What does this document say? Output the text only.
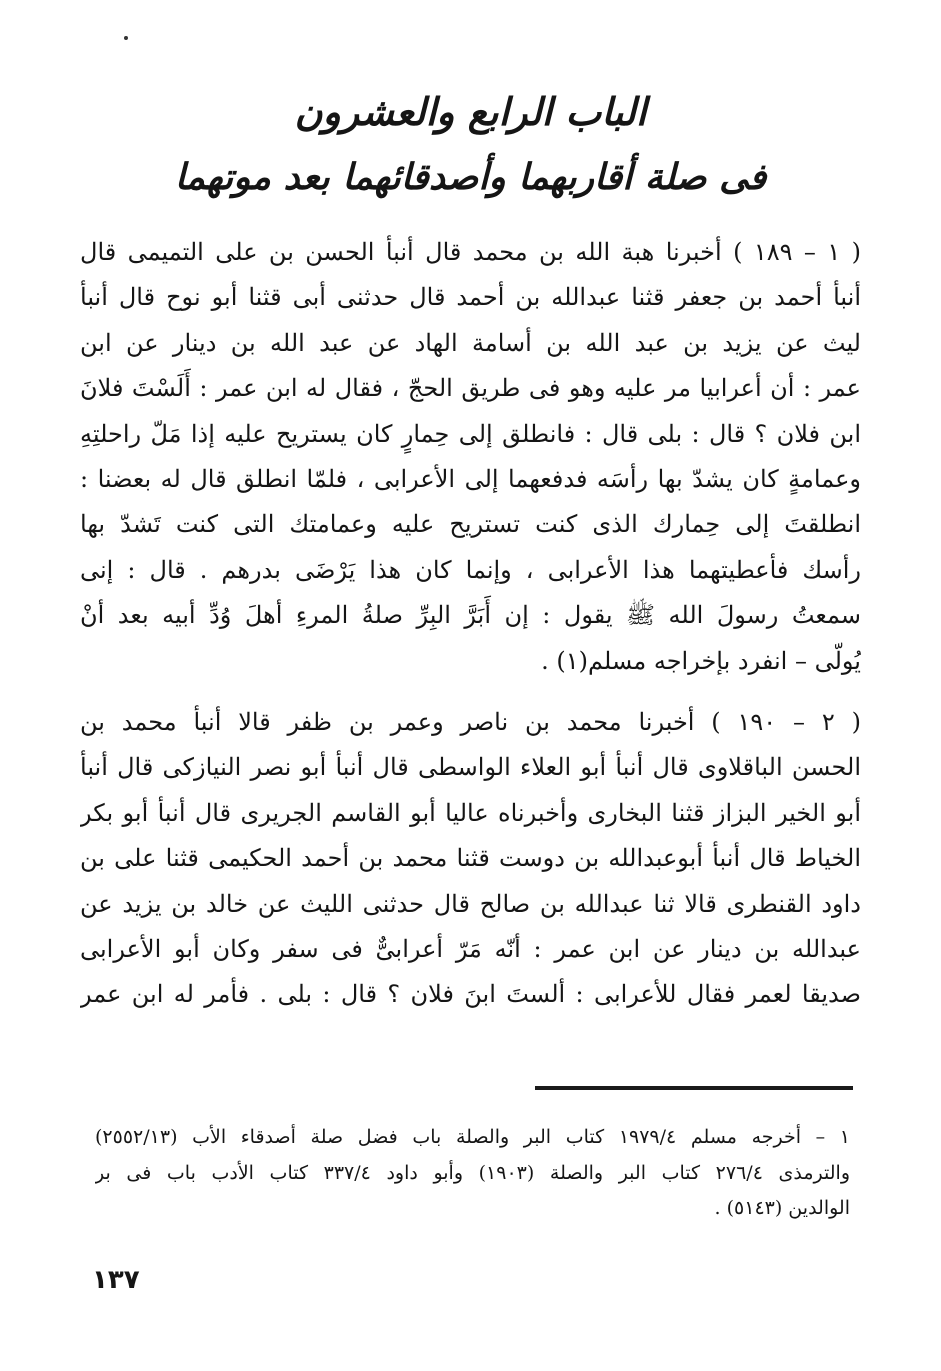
الباب الرابع والعشرون
فى صلة أقاربهما وأصدقائهما بعد موتهما
( ١ – ١٨٩ ) أخبرنا هبة الله بن محمد قال أنبأ الحسن بن على التميمى قال
أنبأ أحمد بن جعفر قثنا عبدالله بن أحمد قال حدثنى أبى قثنا أبو نوح قال أنبأ
ليث عن يزيد بن عبد الله بن أسامة الهاد عن عبد الله بن دينار عن ابن
عمر : أن أعرابيا مر عليه وهو فى طريق الحجّ ، فقال له ابن عمر : أَلَسْتَ فلانَ
ابن فلان ؟ قال : بلى قال : فانطلق إلى حِمارٍ كان يستريح عليه إذا مَلّ راحلتِهِ
وعمامةٍ كان يشدّ بها رأسَه فدفعهما إلى الأعرابى ، فلمّا انطلق قال له بعضنا :
انطلقتَ إلى حِمارك الذى كنت تستريح عليه وعمامتك التى كنت تَشدّ بها
رأسك فأعطيتهما هذا الأعرابى ، وإنما كان هذا يَرْضَى بدرهم . قال : إنى
سمعتُ رسولَ الله ﷺ يقول : إن أَبَرَّ البِرِّ صلةُ المرءِ أهلَ وُدِّ أبيه بعد أنْ
يُولّى – انفرد بإخراجه مسلم(١) .
( ٢ – ١٩٠ ) أخبرنا محمد بن ناصر وعمر بن ظفر قالا أنبأ محمد بن
الحسن الباقلاوى قال أنبأ أبو العلاء الواسطى قال أنبأ أبو نصر النيازكى قال أنبأ
أبو الخير البزاز قثنا البخارى وأخبرناه عاليا أبو القاسم الجريرى قال أنبأ أبو بكر
الخياط قال أنبأ أبوعبدالله بن دوست قثنا محمد بن أحمد الحكيمى قثنا على بن
داود القنطرى قالا ثنا عبدالله بن صالح قال حدثنى الليث عن خالد بن يزيد عن
عبدالله بن دينار عن ابن عمر : أنّه مَرّ أعرابىٌّ فى سفر وكان أبو الأعرابى
صديقا لعمر فقال للأعرابى : ألستَ ابنَ فلان ؟ قال : بلى . فأمر له ابن عمر
١ – أخرجه مسلم ١٩٧٩/٤ كتاب البر والصلة باب فضل صلة أصدقاء الأب (٢٥٥٢/١٣)
والترمذى ٢٧٦/٤ كتاب البر والصلة (١٩٠٣) وأبو داود ٣٣٧/٤ كتاب الأدب باب فى بر
الوالدين (٥١٤٣) .
١٣٧
